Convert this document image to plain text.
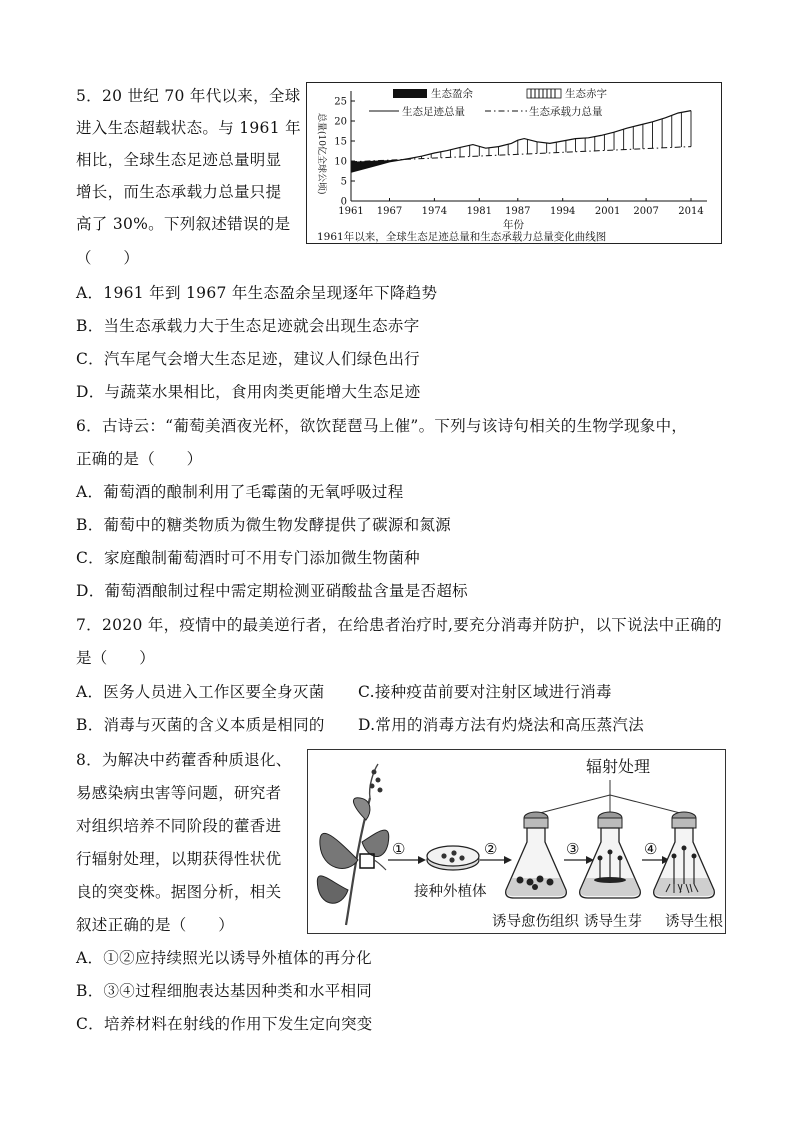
5．20 世纪 70 年代以来，全球
进入生态超载状态。与 1961 年
相比，全球生态足迹总量明显
增长，而生态承载力总量只提
高了 30%。下列叙述错误的是
（　　）
0
5
10
15
20
25
1961 1967 1974 1981 1987 1994 2001 2007 2014
生态盈余	生态赤字
生态足迹总量	生态承载力总量
总量(10亿全球公顷)
年份
1961年以来，全球生态足迹总量和生态承载力总量变化曲线图
A．1961 年到 1967 年生态盈余呈现逐年下降趋势
B．当生态承载力大于生态足迹就会出现生态赤字
C．汽车尾气会增大生态足迹，建议人们绿色出行
D．与蔬菜水果相比，食用肉类更能增大生态足迹
6．古诗云：“葡萄美酒夜光杯，欲饮琵琶马上催”。下列与该诗句相关的生物学现象中，
正确的是（　　）
A．葡萄酒的酿制利用了毛霉菌的无氧呼吸过程
B．葡萄中的糖类物质为微生物发酵提供了碳源和氮源
C．家庭酿制葡萄酒时可不用专门添加微生物菌种
D．葡萄酒酿制过程中需定期检测亚硝酸盐含量是否超标
7．2020 年，疫情中的最美逆行者，在给患者治疗时,要充分消毒并防护，以下说法中正确的
是（　　）
A．医务人员进入工作区要全身灭菌 C.接种疫苗前要对注射区域进行消毒
B．消毒与灭菌的含义本质是相同的 D.常用的消毒方法有灼烧法和高压蒸汽法
8．为解决中药藿香种质退化、
易感染病虫害等问题，研究者
对组织培养不同阶段的藿香进
行辐射处理，以期获得性状优
良的突变株。据图分析，相关
叙述正确的是（　　）
辐射处理
①
接种外植体
②
诱导愈伤组织
③
诱导生芽
④
诱导生根
A．①②应持续照光以诱导外植体的再分化
B．③④过程细胞表达基因种类和水平相同
C．培养材料在射线的作用下发生定向突变
